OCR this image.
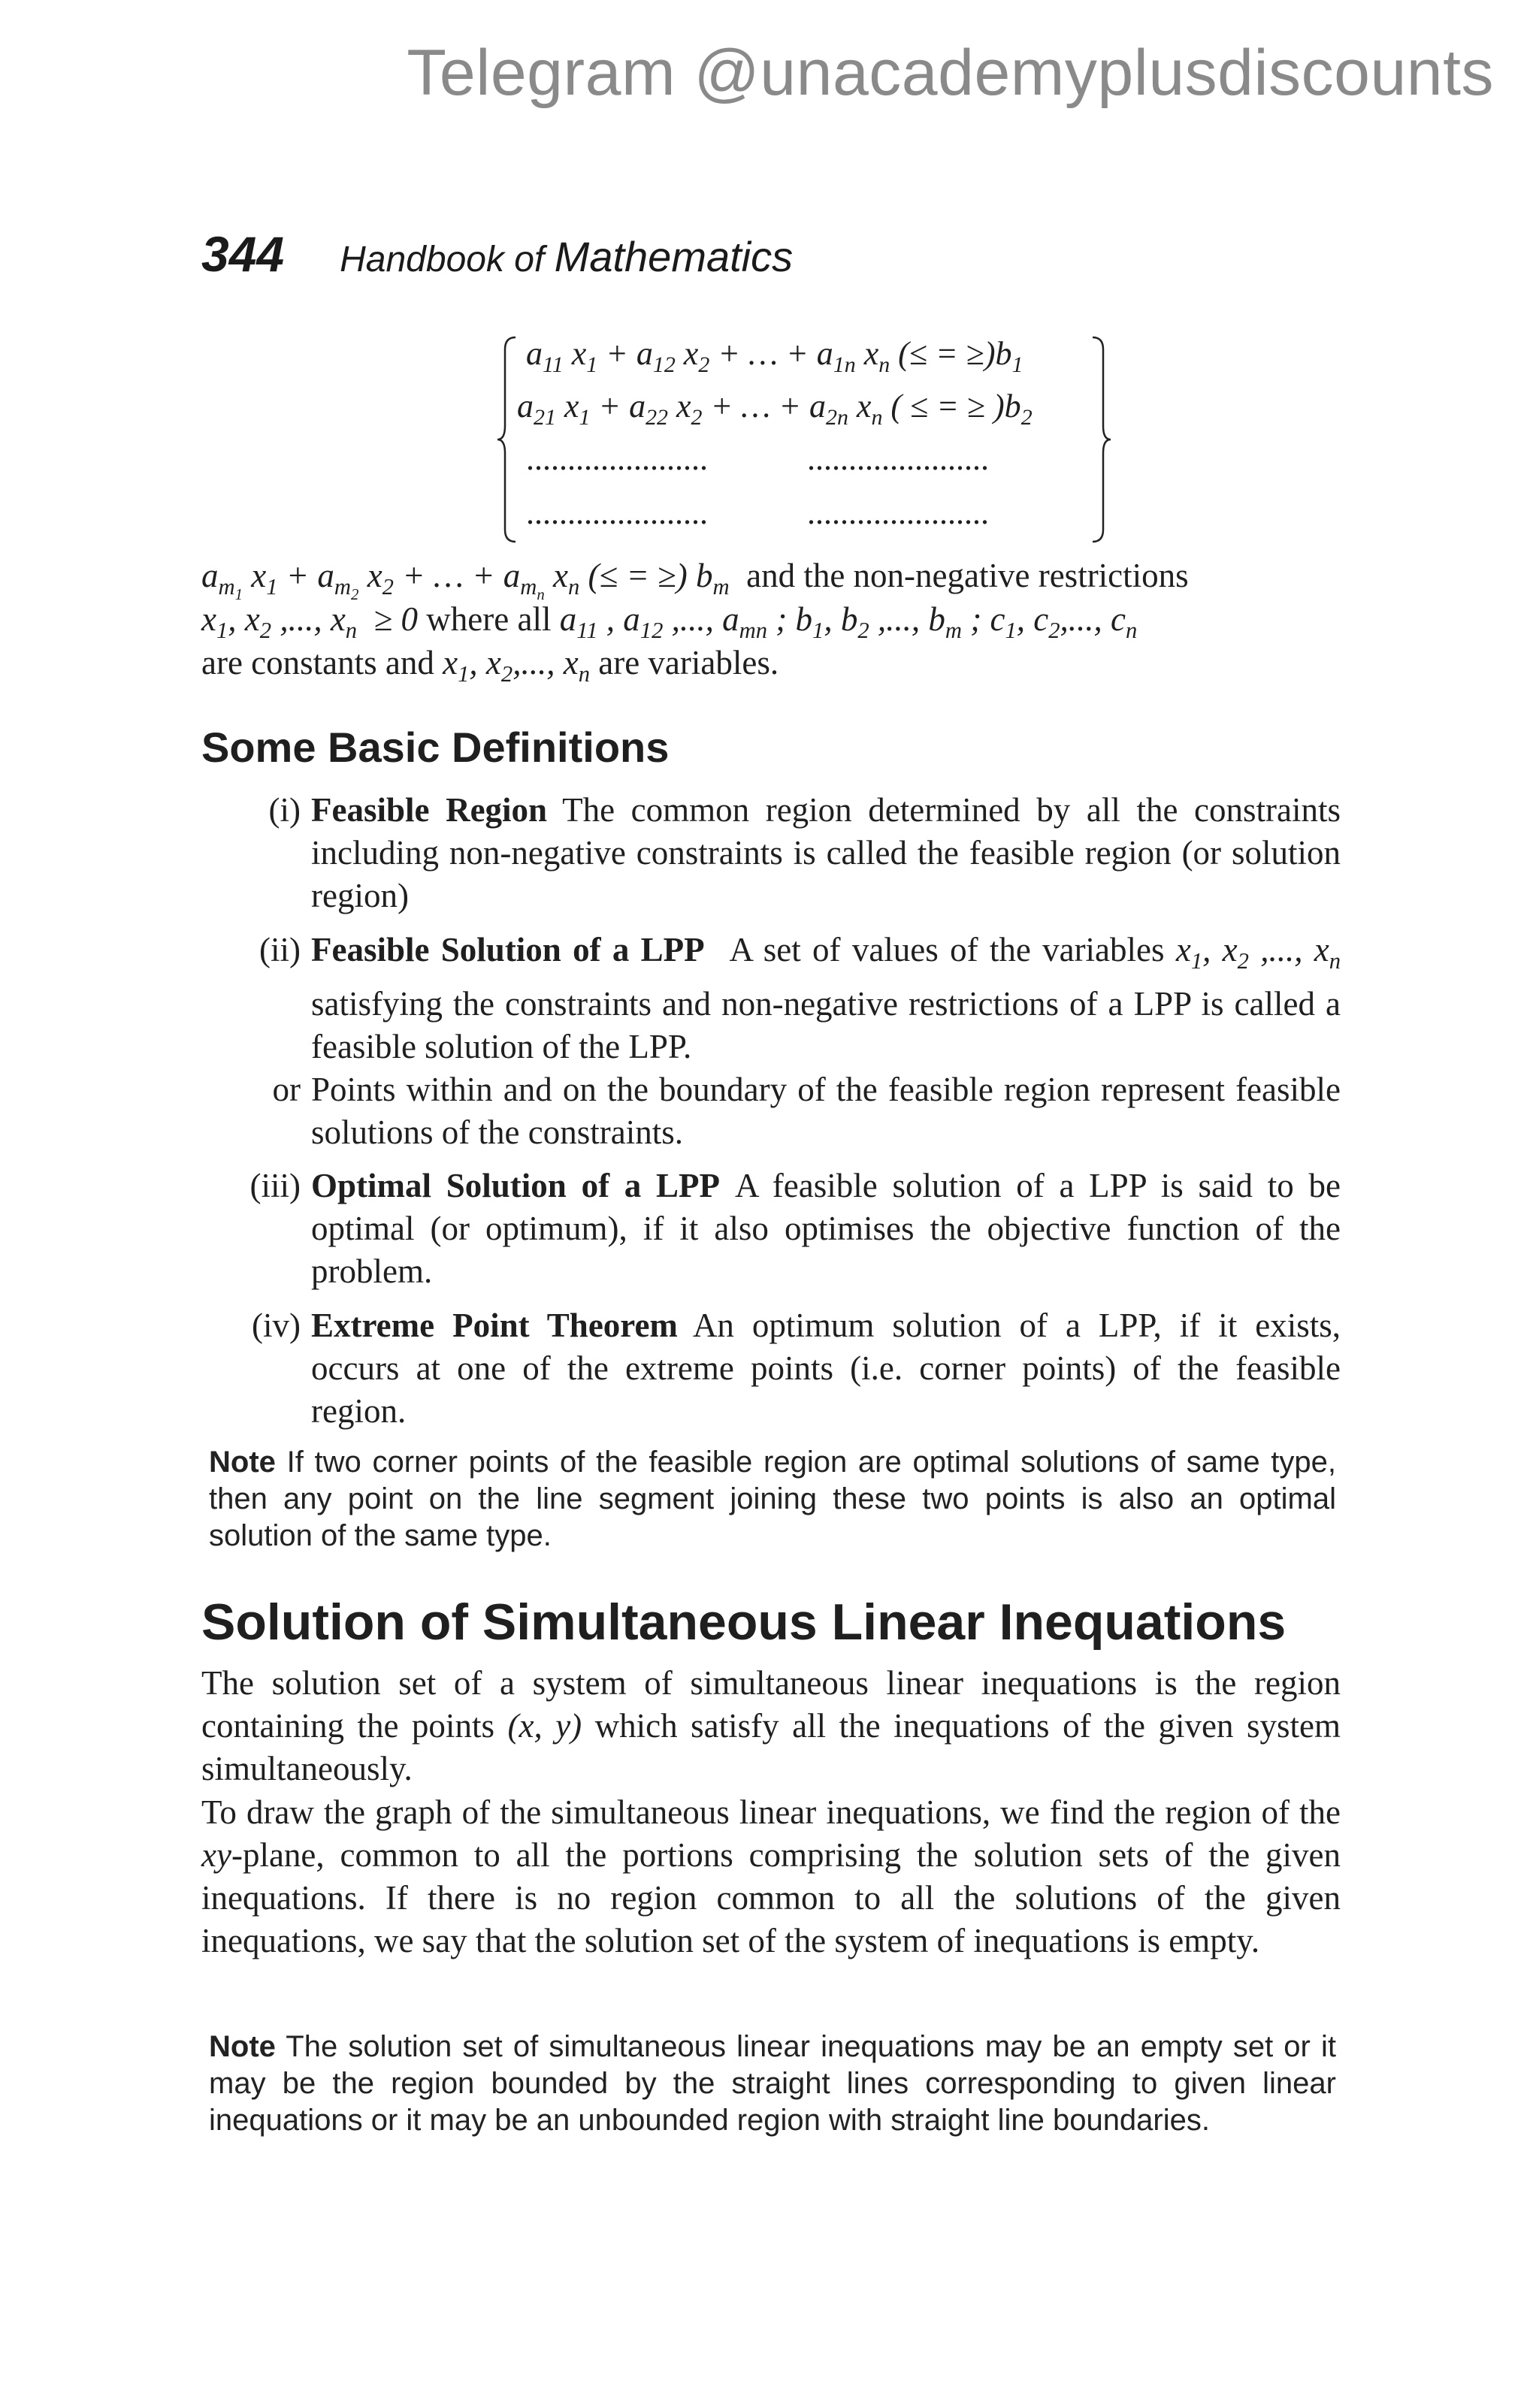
Telegram @unacademyplusdiscounts
344 Handbook of Mathematics
$a_{11}$ $x_1 + a_{12}$ $x_2$ + … + $a_{1n}$ $x_n$ (≤ = $\ge)b_1$
$a_{21}$ $x_1 + a_{22}$ $x_2$ + … + $a_{2n}$ $x_n$ ( ≤ = ≥ )$b_2$
......................	......................
......................	......................
$a_{m_1}$ $x_1 + a_{m_2}$ $x_2$ + … + $a_{m_n}$ $x_n$ (≤ = ≥) $b_m$ and the non-negative restrictions
$x_1$, $x_2$ ,..., $x_n \ge 0$ where all $a_{11}$ , $a_{12}$ ,..., $a_{mn}$ ; $b_1$, $b_2$ ,..., $b_m$ ; $c_1$, $c_2$,..., $c_n$
are constants and $x_1$, $x_2$,..., $x_n$ are variables.
Some Basic Definitions
(i) Feasible Region The common region determined by all the constraints including non-negative constraints is called the feasible region (or solution region)
(ii) Feasible Solution of a LPP A set of values of the variables $x_1$, $x_2$ ,..., $x_n$ satisfying the constraints and non-negative restrictions of a LPP is called a feasible solution of the LPP.
or Points within and on the boundary of the feasible region represent feasible solutions of the constraints.
(iii) Optimal Solution of a LPP A feasible solution of a LPP is said to be optimal (or optimum), if it also optimises the objective function of the problem.
(iv) Extreme Point Theorem An optimum solution of a LPP, if it exists, occurs at one of the extreme points (i.e. corner points) of the feasible region.
Note If two corner points of the feasible region are optimal solutions of same type, then any point on the line segment joining these two points is also an optimal solution of the same type.
Solution of Simultaneous Linear Inequations
The solution set of a system of simultaneous linear inequations is the region containing the points (x, y) which satisfy all the inequations of the given system simultaneously.
To draw the graph of the simultaneous linear inequations, we find the region of the xy-plane, common to all the portions comprising the solution sets of the given inequations. If there is no region common to all the solutions of the given inequations, we say that the solution set of the system of inequations is empty.
Note The solution set of simultaneous linear inequations may be an empty set or it may be the region bounded by the straight lines corresponding to given linear inequations or it may be an unbounded region with straight line boundaries.
